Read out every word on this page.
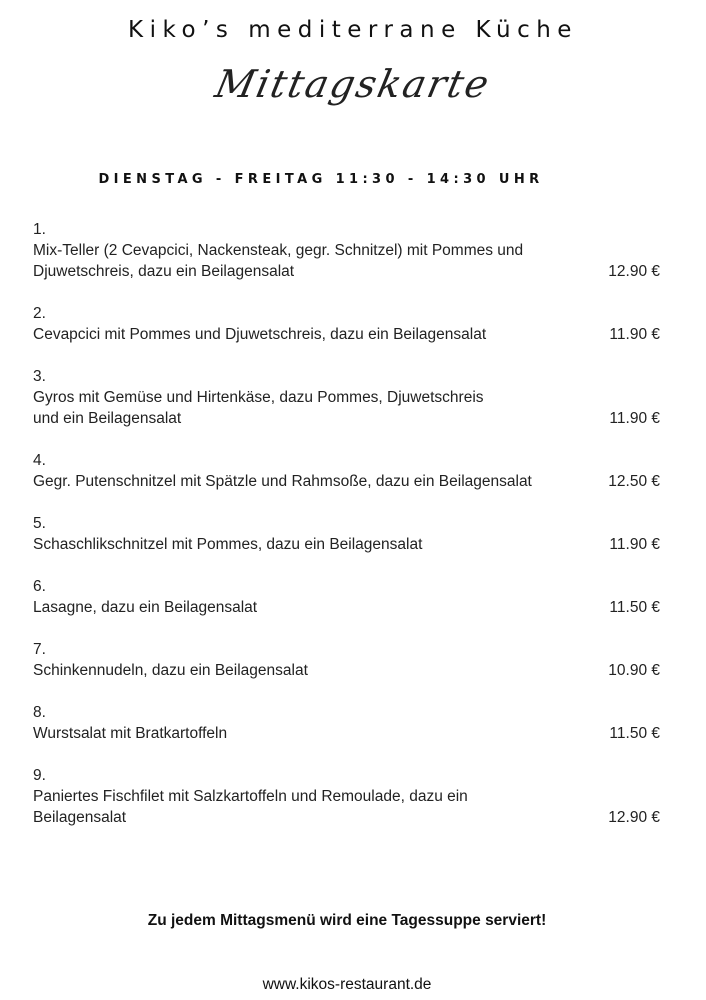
Kiko’s mediterrane Küche
Mittagskarte
DIENSTAG - FREITAG 11:30 - 14:30 UHR
1.
Mix-Teller (2 Cevapcici, Nackensteak, gegr. Schnitzel) mit Pommes und
Djuwetschreis, dazu ein Beilagensalat	12.90 €
2.
Cevapcici mit Pommes und Djuwetschreis, dazu ein Beilagensalat	11.90 €
3.
Gyros mit Gemüse und Hirtenkäse, dazu Pommes, Djuwetschreis
und ein Beilagensalat	11.90 €
4.
Gegr. Putenschnitzel mit Spätzle und Rahmsoße, dazu ein Beilagensalat	12.50 €
5.
Schaschlikschnitzel mit Pommes, dazu ein Beilagensalat	11.90 €
6.
Lasagne, dazu ein Beilagensalat	11.50 €
7.
Schinkennudeln, dazu ein Beilagensalat	10.90 €
8.
Wurstsalat mit Bratkartoffeln	11.50 €
9.
Paniertes Fischfilet mit Salzkartoffeln und Remoulade, dazu ein
Beilagensalat	12.90 €
Zu jedem Mittagsmenü wird eine Tagessuppe serviert!
www.kikos-restaurant.de
